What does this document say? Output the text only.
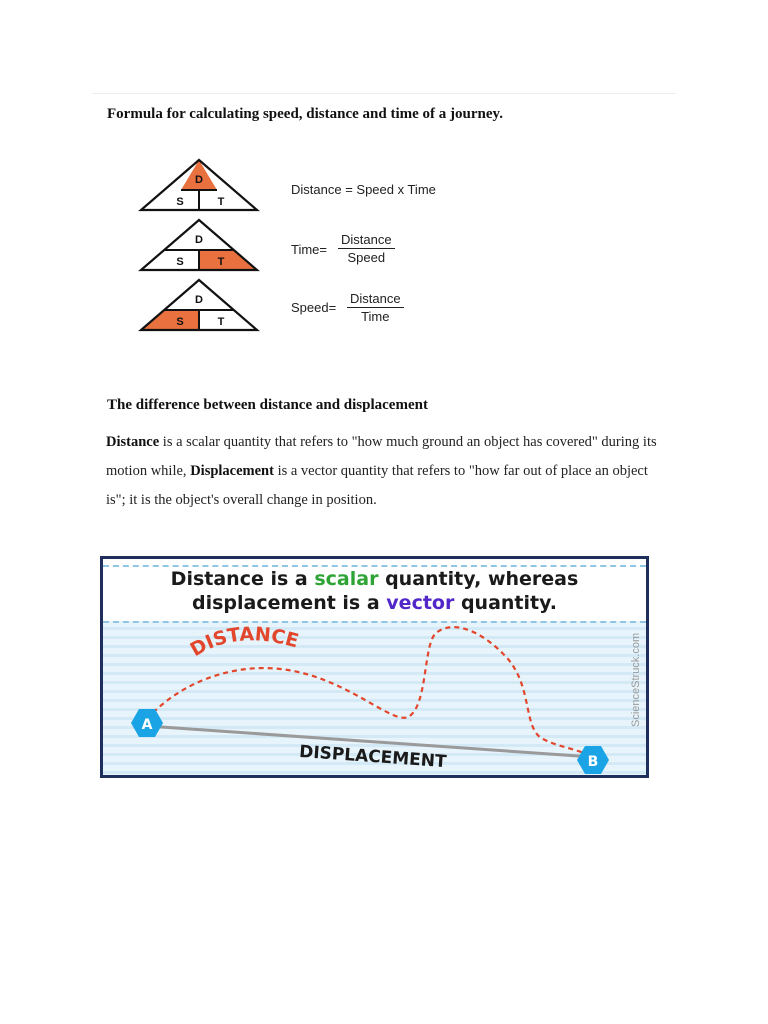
Formula for calculating speed, distance and time of a journey.
D
S	T
Distance = Speed x Time
D
S	T
Time=
Distance
Speed
D
S	T
Speed=
Distance
Time
The difference between distance and displacement
Distance is a scalar quantity that refers to "how much ground an object has covered" during its motion while, Displacement is a vector quantity that refers to "how far out of place an object is"; it is the object's overall change in position.
Distance is a scalar quantity, whereas
displacement is a vector quantity.
DISTANCE
DISPLACEMENT
A
B
ScienceStruck.com
